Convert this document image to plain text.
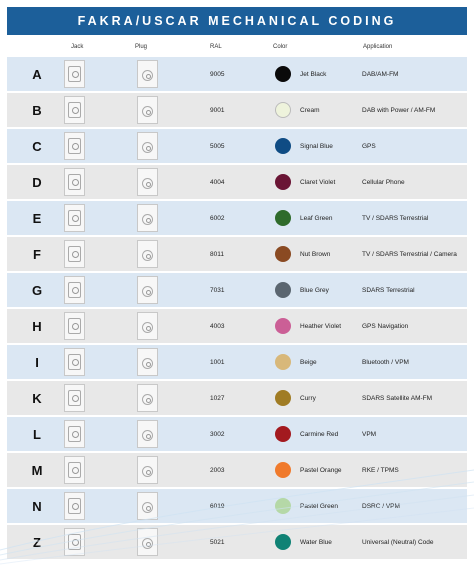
FAKRA/USCAR MECHANICAL CODING
Jack	Plug	RAL	Color	Application
A	9005	Jet Black	DAB/AM-FM
B	9001	Cream	DAB with Power / AM-FM
C	5005	Signal Blue	GPS
D	4004	Claret Violet	Cellular Phone
E	6002	Leaf Green	TV / SDARS Terrestrial
F	8011	Nut Brown	TV / SDARS Terrestrial / Camera
G	7031	Blue Grey	SDARS Terrestrial
H	4003	Heather Violet	GPS Navigation
I	1001	Beige	Bluetooth / VPM
K	1027	Curry	SDARS Satellite AM-FM
L	3002	Carmine Red	VPM
M	2003	Pastel Orange	RKE / TPMS
N	6019	Pastel Green	DSRC / VPM
Z	5021	Water Blue	Universal (Neutral) Code
